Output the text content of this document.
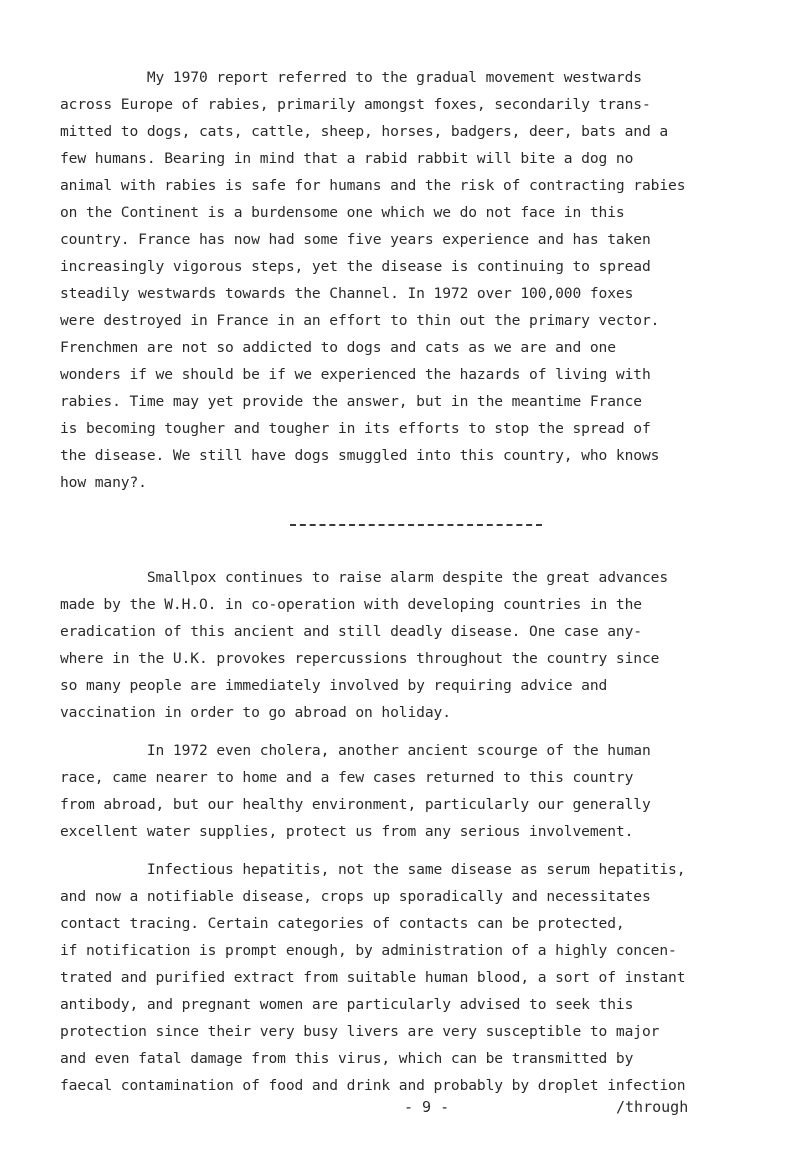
My 1970 report referred to the gradual movement westwards
across Europe of rabies, primarily amongst foxes, secondarily trans-
mitted to dogs, cats, cattle, sheep, horses, badgers, deer, bats and a
few humans. Bearing in mind that a rabid rabbit will bite a dog no
animal with rabies is safe for humans and the risk of contracting rabies
on the Continent is a burdensome one which we do not face in this
country. France has now had some five years experience and has taken
increasingly vigorous steps, yet the disease is continuing to spread
steadily westwards towards the Channel. In 1972 over 100,000 foxes
were destroyed in France in an effort to thin out the primary vector.
Frenchmen are not so addicted to dogs and cats as we are and one
wonders if we should be if we experienced the hazards of living with
rabies. Time may yet provide the answer, but in the meantime France
is becoming tougher and tougher in its efforts to stop the spread of
the disease. We still have dogs smuggled into this country, who knows
how many?.
Smallpox continues to raise alarm despite the great advances
made by the W.H.O. in co-operation with developing countries in the
eradication of this ancient and still deadly disease. One case any-
where in the U.K. provokes repercussions throughout the country since
so many people are immediately involved by requiring advice and
vaccination in order to go abroad on holiday.
In 1972 even cholera, another ancient scourge of the human
race, came nearer to home and a few cases returned to this country
from abroad, but our healthy environment, particularly our generally
excellent water supplies, protect us from any serious involvement.
Infectious hepatitis, not the same disease as serum hepatitis,
and now a notifiable disease, crops up sporadically and necessitates
contact tracing. Certain categories of contacts can be protected,
if notification is prompt enough, by administration of a highly concen-
trated and purified extract from suitable human blood, a sort of instant
antibody, and pregnant women are particularly advised to seek this
protection since their very busy livers are very susceptible to major
and even fatal damage from this virus, which can be transmitted by
faecal contamination of food and drink and probably by droplet infection
- 9 -	/through
